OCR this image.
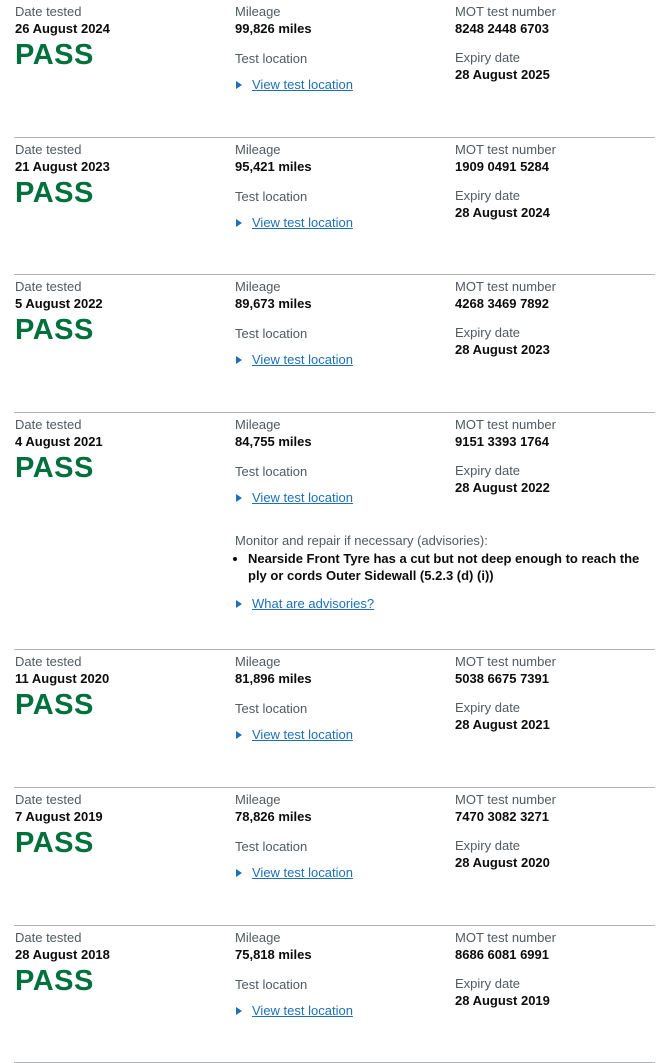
Date tested
26 August 2024
PASS
Mileage
99,826 miles
Test location
View test location
MOT test number
8248 2448 6703
Expiry date
28 August 2025
Date tested
21 August 2023
PASS
Mileage
95,421 miles
Test location
View test location
MOT test number
1909 0491 5284
Expiry date
28 August 2024
Date tested
5 August 2022
PASS
Mileage
89,673 miles
Test location
View test location
MOT test number
4268 3469 7892
Expiry date
28 August 2023
Date tested
4 August 2021
PASS
Mileage
84,755 miles
Test location
View test location
MOT test number
9151 3393 1764
Expiry date
28 August 2022
Monitor and repair if necessary (advisories):
• Nearside Front Tyre has a cut but not deep enough to reach the ply or cords Outer Sidewall (5.2.3 (d) (i))
What are advisories?
Date tested
11 August 2020
PASS
Mileage
81,896 miles
Test location
View test location
MOT test number
5038 6675 7391
Expiry date
28 August 2021
Date tested
7 August 2019
PASS
Mileage
78,826 miles
Test location
View test location
MOT test number
7470 3082 3271
Expiry date
28 August 2020
Date tested
28 August 2018
PASS
Mileage
75,818 miles
Test location
View test location
MOT test number
8686 6081 6991
Expiry date
28 August 2019
